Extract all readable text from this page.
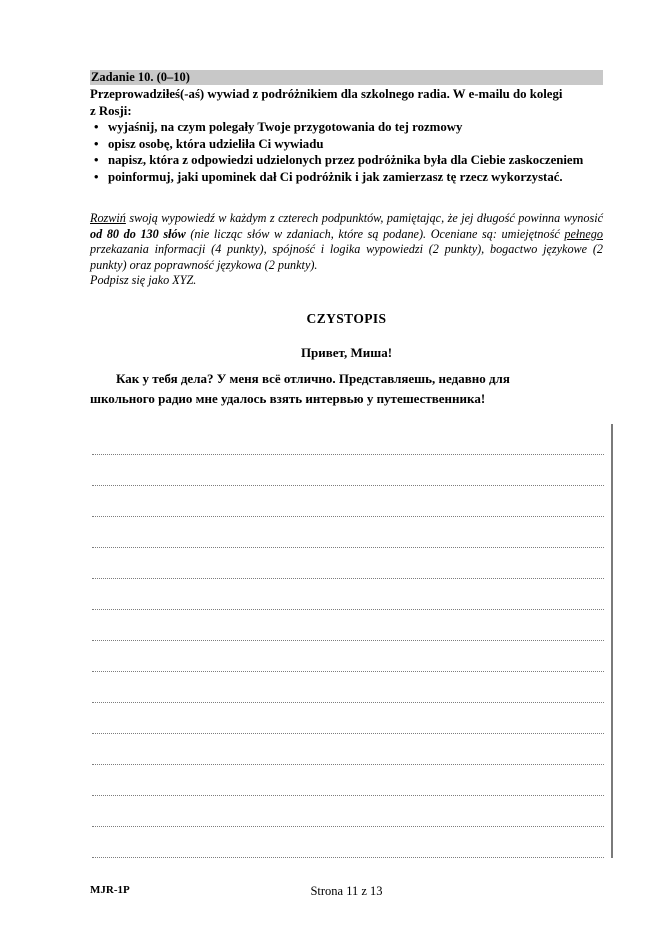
Zadanie 10. (0–10)
Przeprowadziłeś(-aś) wywiad z podróżnikiem dla szkolnego radia. W e-mailu do kolegi
z Rosji:
• wyjaśnij, na czym polegały Twoje przygotowania do tej rozmowy
• opisz osobę, która udzieliła Ci wywiadu
• napisz, która z odpowiedzi udzielonych przez podróżnika była dla Ciebie zaskoczeniem
• poinformuj, jaki upominek dał Ci podróżnik i jak zamierzasz tę rzecz wykorzystać.
Rozwiń swoją wypowiedź w każdym z czterech podpunktów, pamiętając, że jej długość powinna wynosić od 80 do 130 słów (nie licząc słów w zdaniach, które są podane). Oceniane są: umiejętność pełnego przekazania informacji (4 punkty), spójność i logika wypowiedzi (2 punkty), bogactwo językowe (2 punkty) oraz poprawność językowa (2 punkty).
Podpisz się jako XYZ.
CZYSTOPIS
Привет, Миша!
Как у тебя дела? У меня всё отлично. Представляешь, недавно для
школьного радио мне удалось взять интервью у путешественника!
Strona 11 z 13
MJR-1P
